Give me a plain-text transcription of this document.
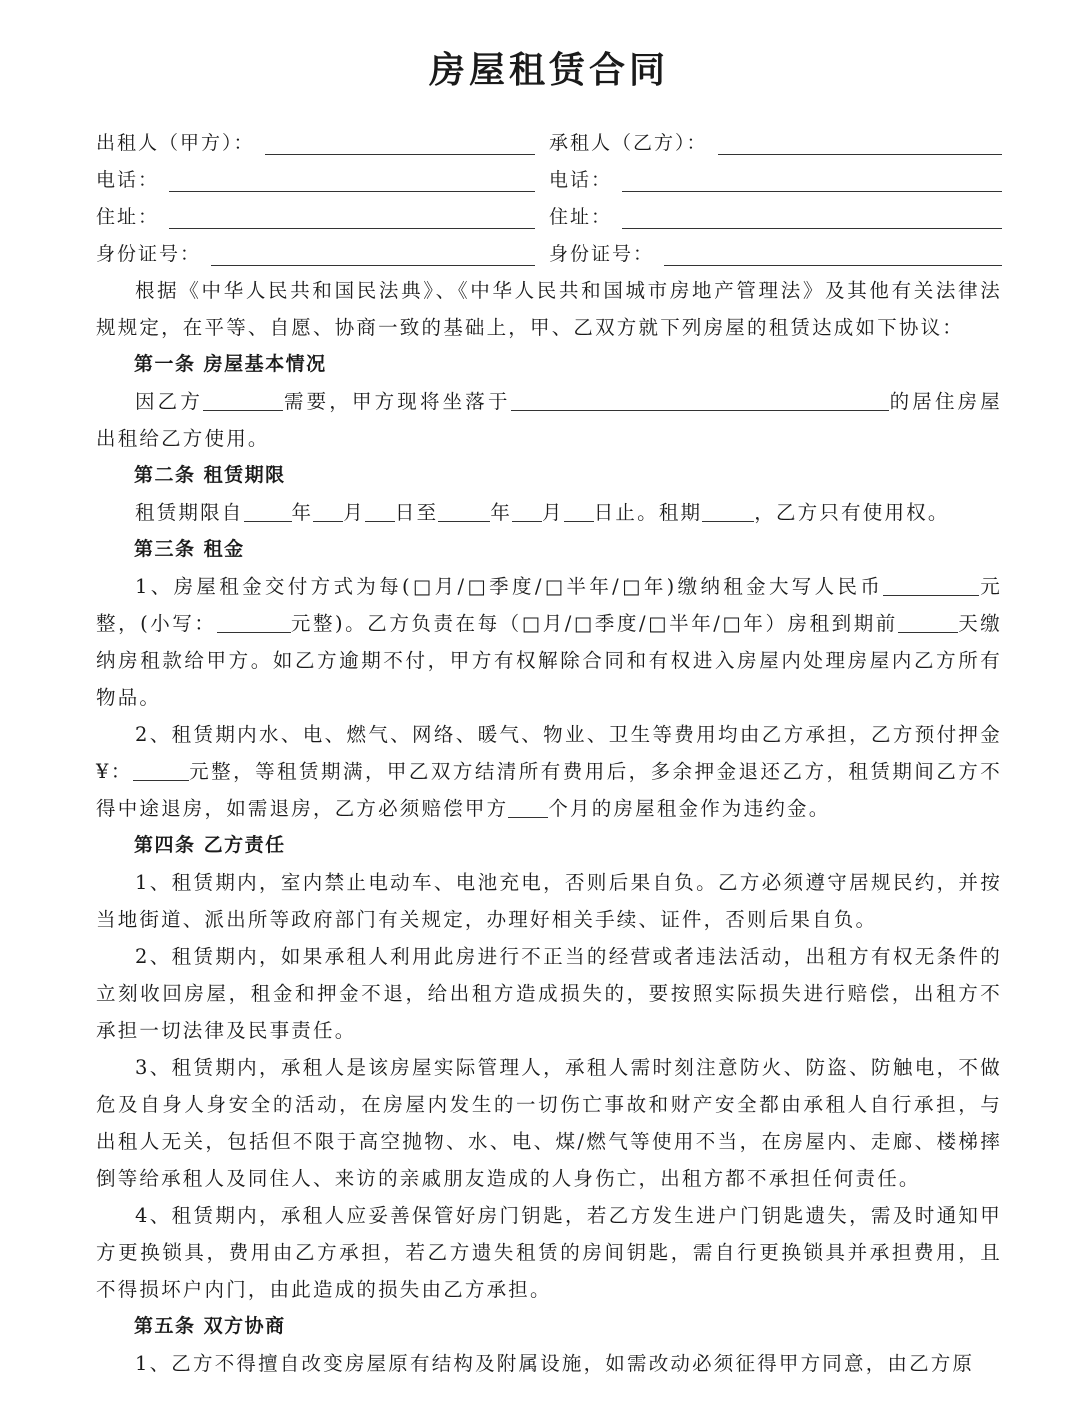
房屋租赁合同
出租人（甲方）：	承租人（乙方）：
电话：	电话：
住址：	住址：
身份证号：	身份证号：

根据《中华人民共和国民法典》、《中华人民共和国城市房地产管理法》及其他有关法律法规规定，在平等、自愿、协商一致的基础上，甲、乙双方就下列房屋的租赁达成如下协议：

第一条 房屋基本情况

因乙方	需要，甲方现将坐落于	的居住房屋出租给乙方使用。

第二条 租赁期限

租赁期限自 年 月 日至	年 月 日止。租期	，乙方只有使用权。

第三条 租金

1、房屋租金交付方式为每(□月/□季度/□半年/□年)缴纳租金大写人民币	元整，(小写：	元整)。乙方负责在每（□月/□季度/□半年/□年）房租到期前	天缴纳房租款给甲方。如乙方逾期不付，甲方有权解除合同和有权进入房屋内处理房屋内乙方所有物品。

2、租赁期内水、电、燃气、网络、暖气、物业、卫生等费用均由乙方承担，乙方预付押金¥：	元整，等租赁期满，甲乙双方结清所有费用后，多余押金退还乙方，租赁期间乙方不得中途退房，如需退房，乙方必须赔偿甲方 个月的房屋租金作为违约金。

第四条 乙方责任

1、租赁期内，室内禁止电动车、电池充电，否则后果自负。乙方必须遵守居规民约，并按当地街道、派出所等政府部门有关规定，办理好相关手续、证件，否则后果自负。

2、租赁期内，如果承租人利用此房进行不正当的经营或者违法活动，出租方有权无条件的立刻收回房屋，租金和押金不退，给出租方造成损失的，要按照实际损失进行赔偿，出租方不承担一切法律及民事责任。

3、租赁期内，承租人是该房屋实际管理人，承租人需时刻注意防火、防盗、防触电，不做危及自身人身安全的活动，在房屋内发生的一切伤亡事故和财产安全都由承租人自行承担，与出租人无关，包括但不限于高空抛物、水、电、煤/燃气等使用不当，在房屋内、走廊、楼梯摔倒等给承租人及同住人、来访的亲戚朋友造成的人身伤亡，出租方都不承担任何责任。

4、租赁期内，承租人应妥善保管好房门钥匙，若乙方发生进户门钥匙遗失，需及时通知甲方更换锁具，费用由乙方承担，若乙方遗失租赁的房间钥匙，需自行更换锁具并承担费用，且不得损坏户内门，由此造成的损失由乙方承担。

第五条 双方协商

1、乙方不得擅自改变房屋原有结构及附属设施，如需改动必须征得甲方同意，由乙方原
